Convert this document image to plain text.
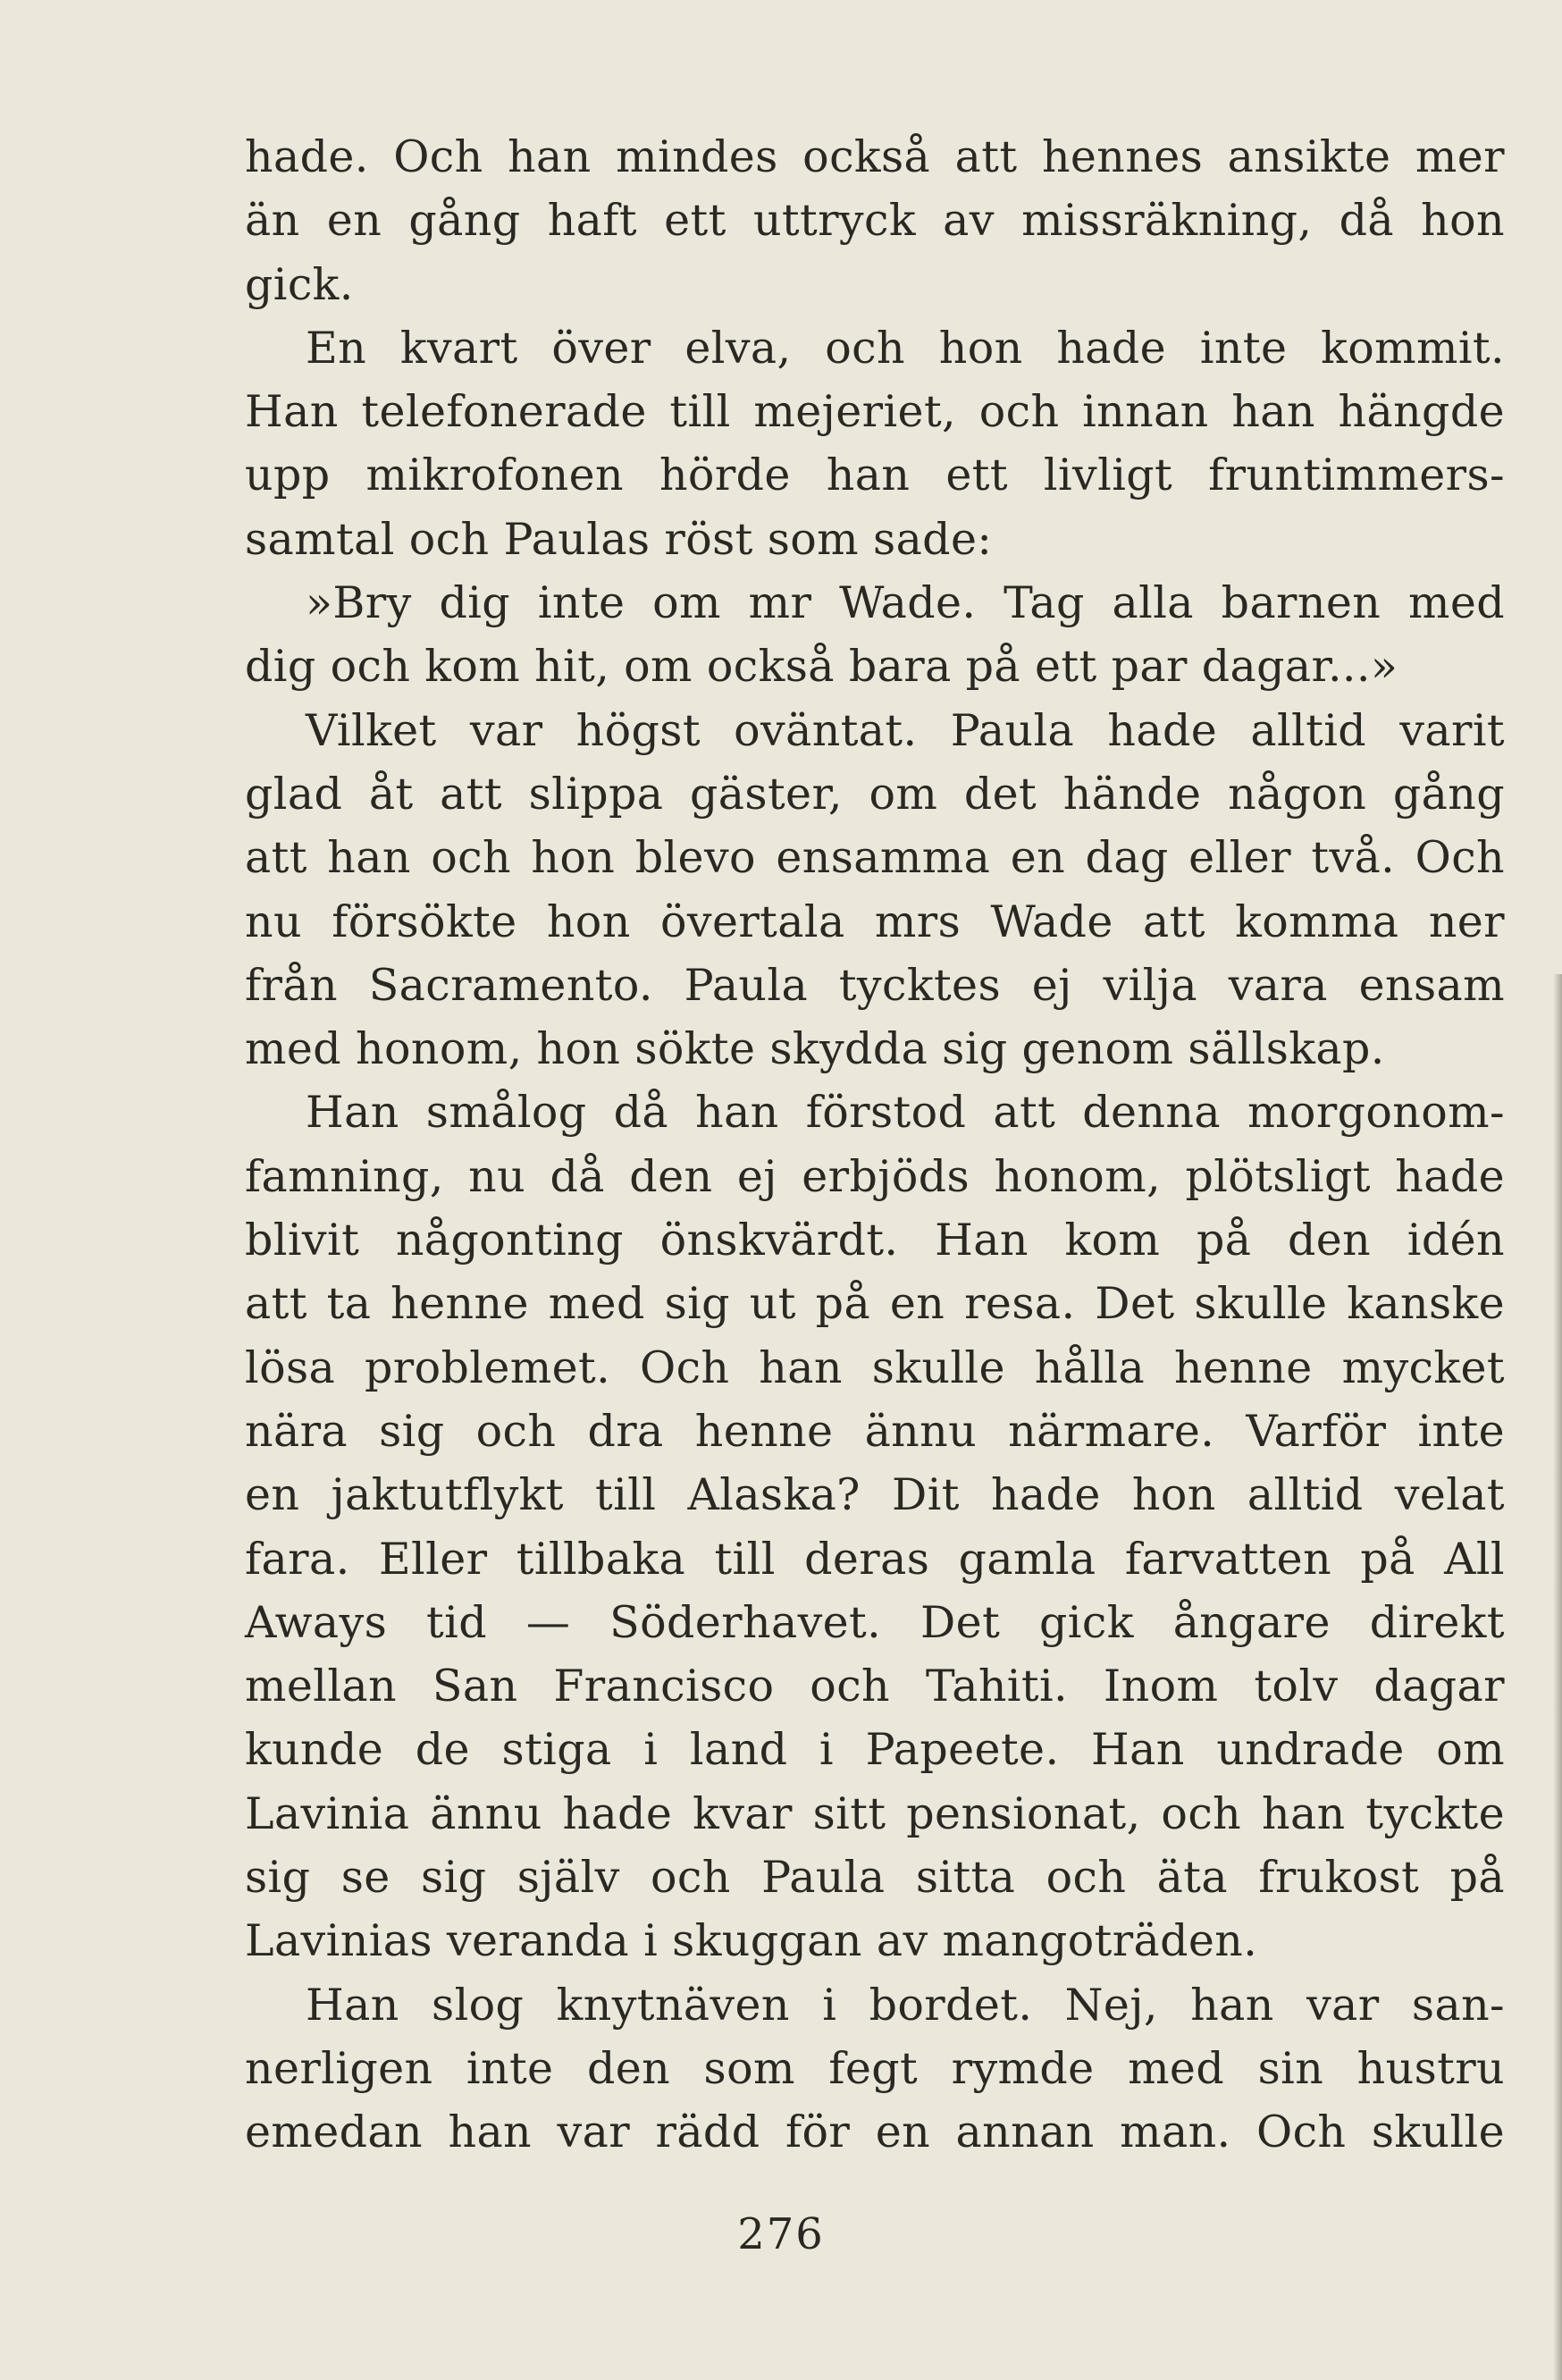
hade. Och han mindes också att hennes ansikte mer
än en gång haft ett uttryck av missräkning, då hon
gick.
En kvart över elva, och hon hade inte kommit.
Han telefonerade till mejeriet, och innan han hängde
upp mikrofonen hörde han ett livligt fruntimmers-
samtal och Paulas röst som sade:
»Bry dig inte om mr Wade. Tag alla barnen med
dig och kom hit, om också bara på ett par dagar...»
Vilket var högst oväntat. Paula hade alltid varit
glad åt att slippa gäster, om det hände någon gång
att han och hon blevo ensamma en dag eller två. Och
nu försökte hon övertala mrs Wade att komma ner
från Sacramento. Paula tycktes ej vilja vara ensam
med honom, hon sökte skydda sig genom sällskap.
Han smålog då han förstod att denna morgonom-
famning, nu då den ej erbjöds honom, plötsligt hade
blivit någonting önskvärdt. Han kom på den idén
att ta henne med sig ut på en resa. Det skulle kanske
lösa problemet. Och han skulle hålla henne mycket
nära sig och dra henne ännu närmare. Varför inte
en jaktutflykt till Alaska? Dit hade hon alltid velat
fara. Eller tillbaka till deras gamla farvatten på All
Aways tid — Söderhavet. Det gick ångare direkt
mellan San Francisco och Tahiti. Inom tolv dagar
kunde de stiga i land i Papeete. Han undrade om
Lavinia ännu hade kvar sitt pensionat, och han tyckte
sig se sig själv och Paula sitta och äta frukost på
Lavinias veranda i skuggan av mangoträden.
Han slog knytnäven i bordet. Nej, han var san-
nerligen inte den som fegt rymde med sin hustru
emedan han var rädd för en annan man. Och skulle
276
